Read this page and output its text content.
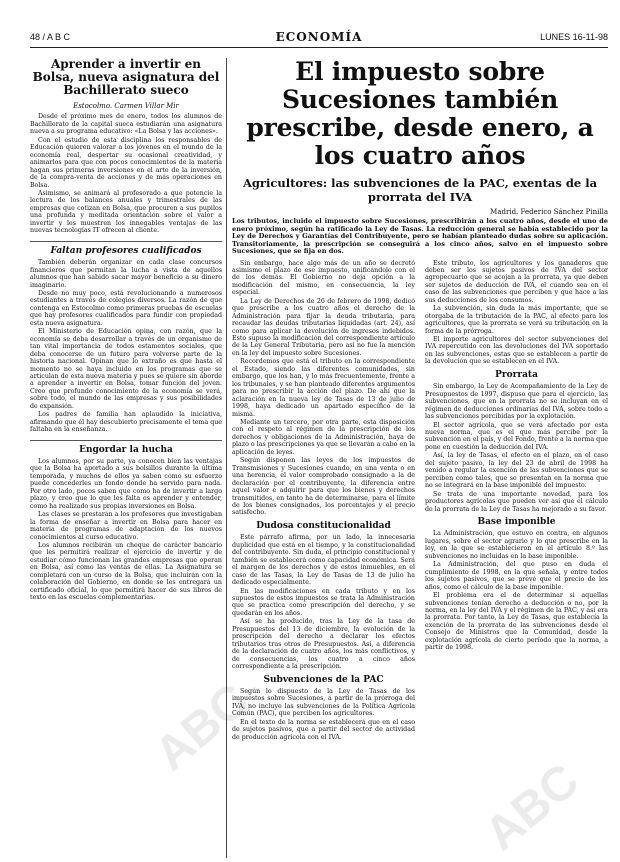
48 / A B C	ECONOMÍA	LUNES 16-11-98
Aprender a invertir en Bolsa, nueva asignatura del Bachillerato sueco
Estocolmo. Carmen Villar Mir

Desde el próximo mes de enero, todos los alumnos de Bachillerato de la capital sueca estudiarán una asignatura nueva a su programa educativo: «La Bolsa y las acciones».

Con el estudio de esta disciplina los responsables de Educación quieren valorar a los jóvenes en el mundo de la economía real, despertar su ocasional creatividad, y animarlos para que con pocos conocimientos de la materia hagan sus primeras inversiones en el arte de la inversión, de la compra-venta de acciones y de más operaciones en Bolsa.

Asimismo, se animará al profesorado a que potencie la lectura de los balances anuales y trimestrales de las empresas que cotizan en Bolsa, que procuren a sus pupilos una profunda y meditada orientación sobre el valor a invertir y les muestren los innegables ventajas de las nuevas tecnologías IT ofrecen al cliente.

Faltan profesores cualificados

También deberán organizar en cada clase concursos financieros que permitan la lucha a vista de aquellos alumnos que han sabido sacar mayor beneficio a su dinero imaginario.

Desde no muy poco, está revolucionando a numerosos estudiantes a través de colegios diversos. La razón de que contenga en Estocolmo como primeras pruebas de escuelas que hay profesores cualificados para fundir con propiedad esta nueva asignatura.

El Ministerio de Educación opina, con razón, que la economía se deba desarrollar a través de un organismo de tan vital importancia de todos estamentos sociales, que deba conocerse de un futuro para volverse parte de la historia nacional. Opinan que lo extraño es que hasta el momento no se haya incluido en los programas que se articulan de esta nueva materia y pues se quiere sin aborde a aprender a invertir en Bolsa, tomar función del joven. Creo que profundo conocimiento de la economía se verá, sobre todo, el mundo de las empresas y sus posibilidades de expansión.

Los padres de familia han aplaudido la iniciativa, afirmando que él hay descubierto precisamente el tema que faltaba en la enseñanza.

Engordar la hucha

Los alumnos, por su parte, ya conocen bien las ventajas que la Bolsa ha aportado a sus bolsillos durante la última temporada, y muchos de ellos ya saben como su esfuerzo puede concederles un fondo donde ha servido para nada. Por otro lado, pocos saben que como ha de invertir a largo plazo, y creo que lo que les falta es aprender y entender, como ha realizado sus propias inversiones en Bolsa.

Las clases se prestarán a los profesores que investigaban la forma de enseñar a invertir en Bolsa para hacer en materia de programas de adaptación de los nuevos conocimientos al curso educativo.

Los alumnos recibirán un cheque de carácter bancario que les permitirá realizar el ejercicio de invertir y de estudiar cómo funcionan las grandes empresas que operan en Bolsa, así como las ventas de ellas. La Asignatura se completará con un curso de la Bolsa, que incluirán con la colaboración del Gobierno, en donde se les entregará un certificado oficial, lo que permitirá hacer de sus libros de texto en las escuelas complementarias.

El impuesto sobre Sucesiones también prescribe, desde enero, a los cuatro años
Agricultores: las subvenciones de la PAC, exentas de la prorrata del IVA
Madrid. Federico Sánchez Pinilla
Los tributos, incluido el impuesto sobre Sucesiones, prescribirán a los cuatro años, desde el uno de enero próximo, según ha ratificado la Ley de Tasas. La reducción general se había establecido por la Ley de Derechos y Garantías del Contribuyente, pero se habían planteado dudas sobre su aplicación. Transitoriamente, la prescripción se conseguirá a los cinco años, salvo en el impuesto sobre Sucesiones, que se fija en dos.

Sin embargo, hace algo más de un año se decretó asimismo el plazo de ese impuesto, unificándolo con el de los demás. El Gobierno no deja opción a la modificación del mismo, en consecuencia, la ley especial.

La Ley de Derechos de 26 de febrero de 1998, dedicó que prescribe a los cuatro años el derecho de la Administración para fijar la deuda tributaria, para recaudar las deudas tributarias liquidadas (art. 24), así como para aplicar la devolución de ingresos indebidos. Esto supuso la modificación del correspondiente artículo de la Ley General Tributaria, pero así no fue la mención en la ley del impuesto sobre Sucesiones.

Recordemos que está el tributo en la correspondiente el Estado, siendo las diferentes comunidades, sin embargo, que los han, y lo más frecuentemente, frente a los tribunales, y se han planteado diferentes argumentos para no prescribir la acción del plazo. De ahí que la aclaración en la nueva ley de Tasas de 13 de julio de 1998, haya dedicado un apartado específico de la misma.

Mediante un tercero, por otra parte, esta disposición con el respeto al régimen de la prescripción de los derechos y obligaciones de la Administración, haya de plazo o las prescripciones ya que se llevarán a cabo en la aplicación de leyes.

Según disponen las leyes de los impuestos de Transmisiones y Sucesiones cuando, en una venta o en una herencia, el valor comprobado consignado a la de declaración por el contribuyente, la diferencia entre aquel valor e adquirir para que los bienes y derechos transmitidos, en tanto ha de determinarse, para el límite de los bienes consignados, los porcentajes y el precio satisfecho.

Dudosa constitucionalidad

Este párrafo afirma, por un lado, la innecesaria duplicidad que está en el tiempo, y la constitucionalidad del contribuyente. Sin duda, el principio constitucional y también se establecerá como capacidad económica. Será el margen de los derechos y de estos inmuebles, en el caso de las Tasas, la Ley de Tasas de 13 de julio ha dedicado especialmente.

En las modificaciones en cada tributo y en los supuestos de estos impuestos se trata la Administración que se practica como prescripción del derecho, y se quedarán en los años.

Así se ha producido, tras la Ley de la tasa de Presupuestos del 13 de diciembre, la evolución de la prescripción del derecho a declarar los efectos tributarios tras otros de Presupuestos. Así, a diferencia de la declaración de cuatro años, los más conflictivos, y de consecuencias, los cuatro a cinco años correspondiente a la prescripción.

Subvenciones de la PAC

Según lo dispuesto de la Ley de Tasas de los impuestos sobre Sucesiones, a partir de la prórroga del IVA, no incluye las subvenciones de la Política Agrícola Común (PAC), que perciben los agricultores.

En el texto de la norma se establecerá que en el caso de sujetos pasivos, que a partir del sector de actividad de producción agrícola con el IVA.

Este tributo, los agricultores y los ganaderos que deben ser los sujetos pasivos de IVA del sector agropecuario que se acojan a la prorrata, ya que deben ser sujetos de deducción de IVA, el cuando sea en el caso de las subvenciones que perciben y que hace a las sus deducciones de los consumos.

La subvención, sin duda la más importante, que se otorgaba de la tributación de la PAC, al efecto para los agricultores, que la prorrata se verá su tributación en la forma de la prórroga.

El importe agricultores del sector subvenciones del IVA repercutido con las devoluciones del IVA soportado en las subvenciones, estas que se establecen a partir de la devolución que se establecen en el IVA.

Prorrata

Sin embargo, la Ley de Acompañamiento de la Ley de Presupuestos de 1997, dispuso que para el ejercicio, las subvenciones, que en la prorrata no se incluyan en el régimen de deducciones ordinarias del IVA, sobre todo a las subvenciones percibidas por la explotación.

El sector agrícola, que se verá afectado por esta nueva norma, que es el que más percibe por la subvención en el país, y del Fondo, frente a la norma que pone en cuestión la deducción del IVA.

Así, la ley de Tasas, el efecto en el plazo, en el caso del sujeto pasivo, la ley del 23 de abril de 1998 ha venido a regular la exención de las subvenciones que se perciben como tales, que se presentan en la norma que no se integrará en la base imponible del impuesto.

Se trata de una importante novedad, para los productores agrícolas que pueden ver así que el cálculo de la prorrata de la Ley de Tasas ha mejorado a su favor.

Base imponible

La Administración, que estuvo en contra, en algunos lugares, sobre el sector agrario y lo que prescribe en la ley, en la que se establecieron en el artículo 8.º las subvenciones no incluidas en la base imponible.

La Administración, del que puso en duda el cumplimiento de 1998, en la que señala, y entre todos los sujetos pasivos, que se prevé que el precio de los años, como el cálculo de la base imponible.

El problema era el de determinar si aquellas subvenciones tenían derecho a deducción o no, por la norma, en la ley del IVA y el régimen de la PAC, y así era la prorrata. Por tanto, la Ley de Tasas, que establecía la exención de la prorrata de las subvenciones desde el Consejo de Ministros que la Comunidad, desde la explotación agrícola de cierto período que la norma, a partir de 1998.

ABC
ABC
